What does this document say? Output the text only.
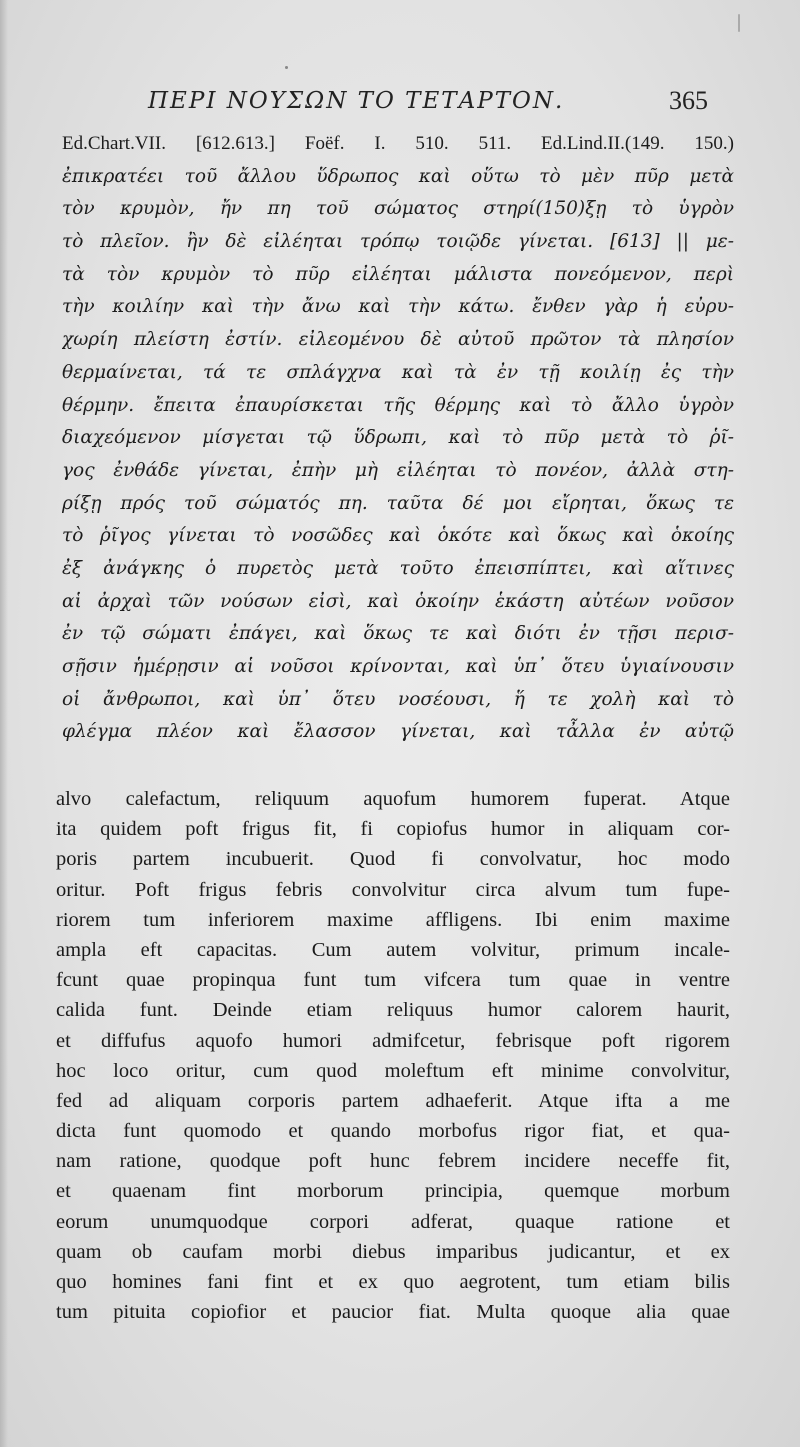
ΠΕΡΙ ΝΟΥΣΩΝ ΤΟ ΤΕΤΑΡΤΟΝ.	365
Ed.Chart.VII. [612.613.] Foëf. I. 510. 511. Ed.Lind.II.(149. 150.)
ἐπικρατέει τοῦ ἄλλου ὕδρωπος καὶ οὕτω τὸ μὲν πῦρ μετὰ
τὸν κρυμὸν, ἤν πη τοῦ σώματος στηρί(150)ξῃ τὸ ὑγρὸν
τὸ πλεῖον. ἢν δὲ εἰλέηται τρόπῳ τοιῷδε γίνεται. [613] || με-
τὰ τὸν κρυμὸν τὸ πῦρ εἰλέηται μάλιστα πονεόμενον, περὶ
τὴν κοιλίην καὶ τὴν ἄνω καὶ τὴν κάτω. ἔνθεν γὰρ ἡ εὐρυ-
χωρίη πλείστη ἐστίν. εἰλεομένου δὲ αὐτοῦ πρῶτον τὰ πλησίον
θερμαίνεται, τά τε σπλάγχνα καὶ τὰ ἐν τῇ κοιλίῃ ἐς τὴν
θέρμην. ἔπειτα ἐπαυρίσκεται τῆς θέρμης καὶ τὸ ἄλλο ὑγρὸν
διαχεόμενον μίσγεται τῷ ὕδρωπι, καὶ τὸ πῦρ μετὰ τὸ ῥῖ-
γος ἐνθάδε γίνεται, ἐπὴν μὴ εἰλέηται τὸ πονέον, ἀλλὰ στη-
ρίξῃ πρός τοῦ σώματός πη. ταῦτα δέ μοι εἴρηται, ὅκως τε
τὸ ῥῖγος γίνεται τὸ νοσῶδες καὶ ὁκότε καὶ ὅκως καὶ ὁκοίης
ἐξ ἀνάγκης ὁ πυρετὸς μετὰ τοῦτο ἐπεισπίπτει, καὶ αἵτινες
αἱ ἀρχαὶ τῶν νούσων εἰσὶ, καὶ ὁκοίην ἑκάστη αὐτέων νοῦσον
ἐν τῷ σώματι ἐπάγει, καὶ ὅκως τε καὶ διότι ἐν τῇσι περισ-
σῇσιν ἡμέρῃσιν αἱ νοῦσοι κρίνονται, καὶ ὑπ᾽ ὅτευ ὑγιαίνουσιν
οἱ ἄνθρωποι, καὶ ὑπ᾽ ὅτευ νοσέουσι, ἥ τε χολὴ καὶ τὸ
φλέγμα πλέον καὶ ἔλασσον γίνεται, καὶ τἆλλα ἐν αὐτῷ
alvo calefactum, reliquum aquofum humorem fuperat. Atque
ita quidem poft frigus fit, fi copiofus humor in aliquam cor-
poris partem incubuerit. Quod fi convolvatur, hoc modo
oritur. Poft frigus febris convolvitur circa alvum tum fupe-
riorem tum inferiorem maxime affligens. Ibi enim maxime
ampla eft capacitas. Cum autem volvitur, primum incale-
fcunt quae propinqua funt tum vifcera tum quae in ventre
calida funt. Deinde etiam reliquus humor calorem haurit,
et diffufus aquofo humori admifcetur, febrisque poft rigorem
hoc loco oritur, cum quod moleftum eft minime convolvitur,
fed ad aliquam corporis partem adhaeferit. Atque ifta a me
dicta funt quomodo et quando morbofus rigor fiat, et qua-
nam ratione, quodque poft hunc febrem incidere neceffe fit,
et quaenam fint morborum principia, quemque morbum
eorum unumquodque corpori adferat, quaque ratione et
quam ob caufam morbi diebus imparibus judicantur, et ex
quo homines fani fint et ex quo aegrotent, tum etiam bilis
tum pituita copiofior et paucior fiat. Multa quoque alia quae
